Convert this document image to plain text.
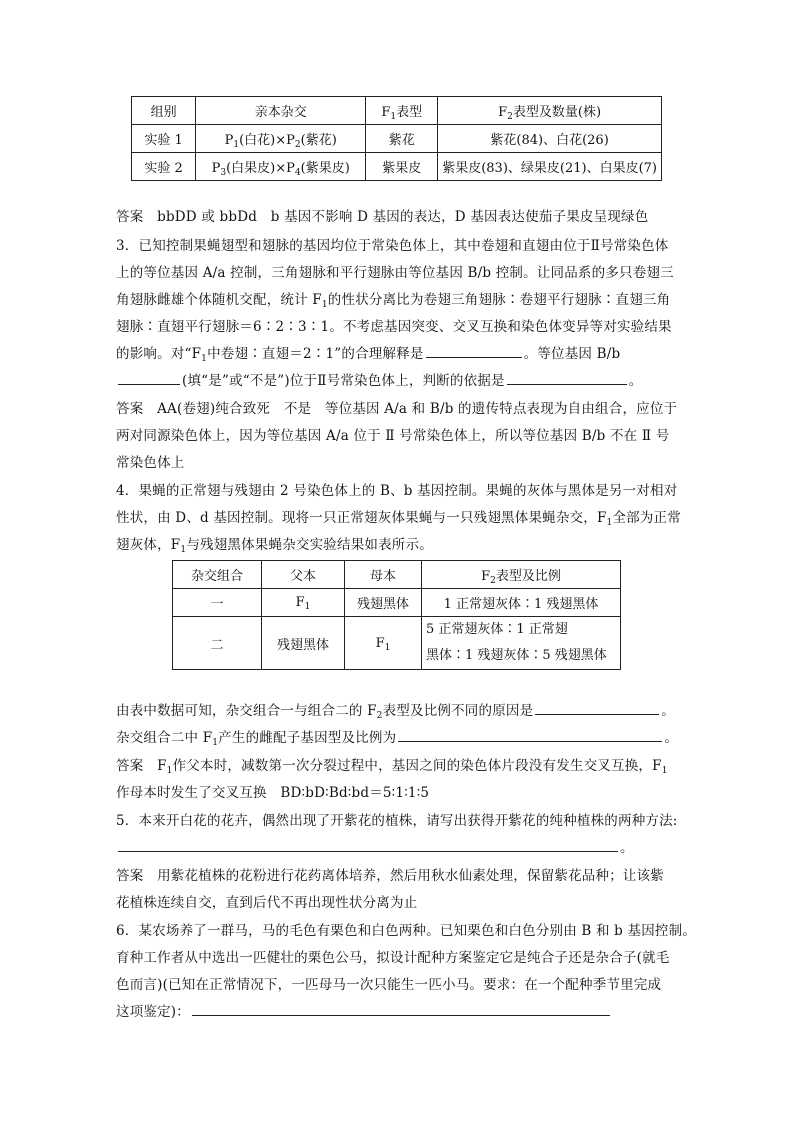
组别	亲本杂交	$F_1$表型	$F_2$表型及数量(株)
实验 1	$P_1$(白花)$\times P_2$(紫花)	紫花	紫花(84)、白花(26)
实验 2	$P_3$(白果皮)$\times P_4$(紫果皮)	紫果皮	紫果皮(83)、绿果皮(21)、白果皮(7)
答案　bbDD 或 bbDd　b 基因不影响 D 基因的表达，D 基因表达使茄子果皮呈现绿色
3．已知控制果蝇翅型和翅脉的基因均位于常染色体上，其中卷翅和直翅由位于Ⅱ号常染色体
上的等位基因 A/a 控制，三角翅脉和平行翅脉由等位基因 B/b 控制。让同品系的多只卷翅三
角翅脉雌雄个体随机交配，统计 $F_1$的性状分离比为卷翅三角翅脉∶卷翅平行翅脉∶直翅三角
翅脉∶直翅平行翅脉＝6∶2∶3∶1。不考虑基因突变、交叉互换和染色体变异等对实验结果
的影响。对“$F_1$中卷翅∶直翅＝2∶1”的合理解释是	。等位基因 B/b
(填“是”或“不是”)位于Ⅱ号常染色体上，判断的依据是	。
答案　AA(卷翅)纯合致死　不是　等位基因 A/a 和 B/b 的遗传特点表现为自由组合，应位于
两对同源染色体上，因为等位基因 A/a 位于 Ⅱ 号常染色体上，所以等位基因 B/b 不在 Ⅱ 号
常染色体上
4．果蝇的正常翅与残翅由 2 号染色体上的 B、b 基因控制。果蝇的灰体与黑体是另一对相对
性状，由 D、d 基因控制。现将一只正常翅灰体果蝇与一只残翅黑体果蝇杂交，$F_1$全部为正常
翅灰体，$F_1$与残翅黑体果蝇杂交实验结果如表所示。
杂交组合	父本	母本	$F_2$表型及比例
一	$F_1$	残翅黑体	1 正常翅灰体∶1 残翅黑体
二	残翅黑体	$F_1$	5 正常翅灰体∶1 正常翅
黑体∶1 残翅灰体∶5 残翅黑体
由表中数据可知，杂交组合一与组合二的 $F_2$表型及比例不同的原因是	。
杂交组合二中 $F_1$产生的雌配子基因型及比例为	。
答案　$F_1$作父本时，减数第一次分裂过程中，基因之间的染色体片段没有发生交叉互换，$F_1$
作母本时发生了交叉互换　BD∶bD∶Bd∶bd＝5∶1∶1∶5
5．本来开白花的花卉，偶然出现了开紫花的植株，请写出获得开紫花的纯种植株的两种方法:
。
答案　用紫花植株的花粉进行花药离体培养，然后用秋水仙素处理，保留紫花品种；让该紫
花植株连续自交，直到后代不再出现性状分离为止
6．某农场养了一群马，马的毛色有栗色和白色两种。已知栗色和白色分别由 B 和 b 基因控制。
育种工作者从中选出一匹健壮的栗色公马，拟设计配种方案鉴定它是纯合子还是杂合子(就毛
色而言)(已知在正常情况下，一匹母马一次只能生一匹小马。要求：在一个配种季节里完成
这项鉴定)：
